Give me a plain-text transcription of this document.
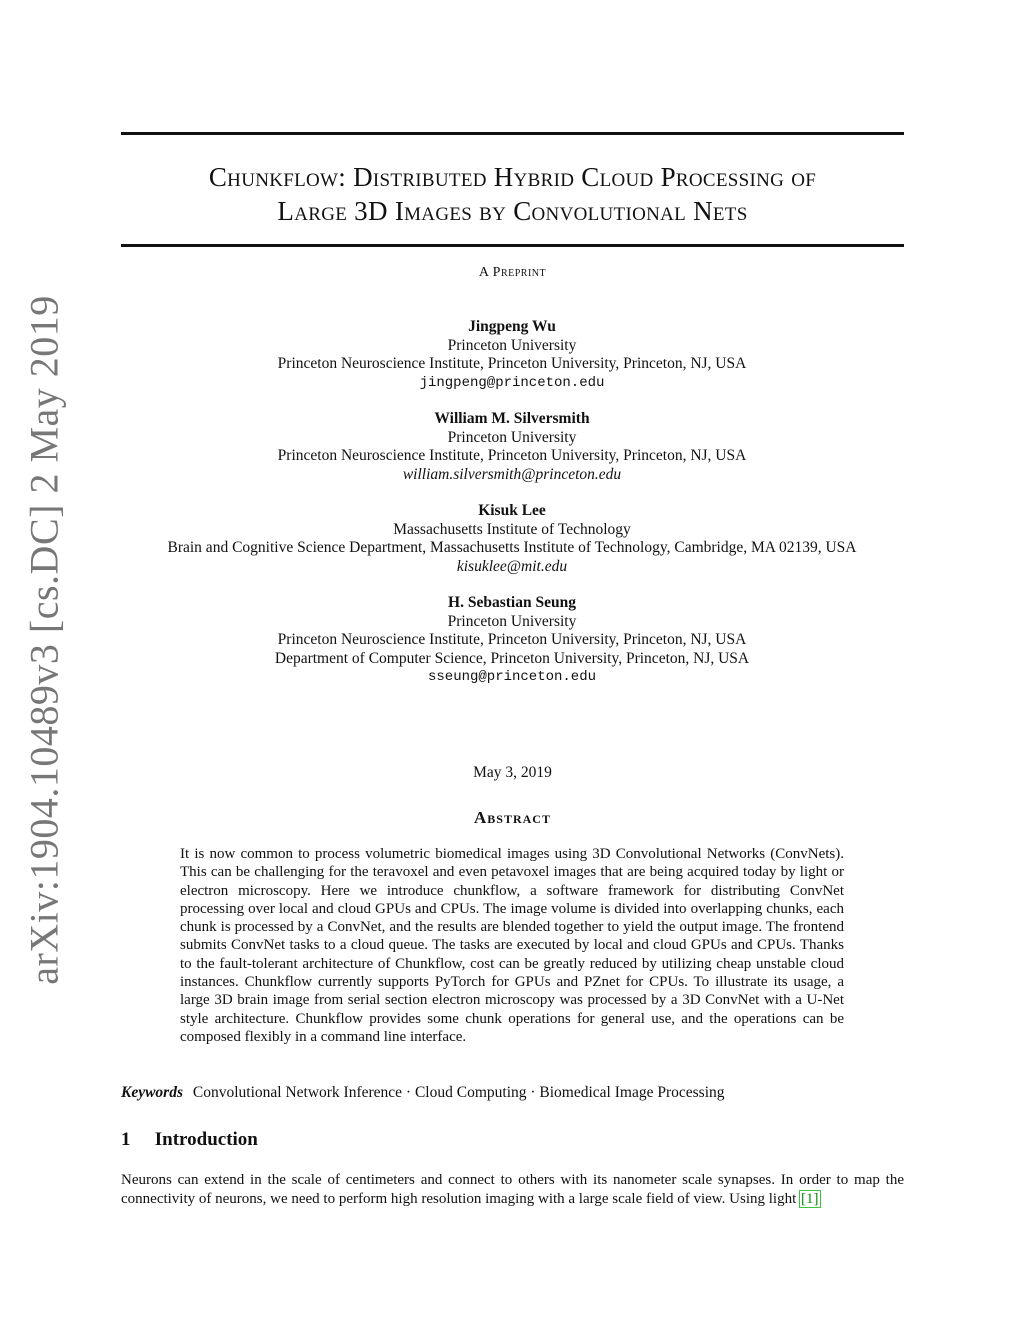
arXiv:1904.10489v3 [cs.DC] 2 May 2019
Chunkflow: Distributed Hybrid Cloud Processing of
Large 3D Images by Convolutional Nets
A Preprint
Jingpeng Wu
Princeton University
Princeton Neuroscience Institute, Princeton University, Princeton, NJ, USA
jingpeng@princeton.edu
William M. Silversmith
Princeton University
Princeton Neuroscience Institute, Princeton University, Princeton, NJ, USA
william.silversmith@princeton.edu
Kisuk Lee
Massachusetts Institute of Technology
Brain and Cognitive Science Department, Massachusetts Institute of Technology, Cambridge, MA 02139, USA
kisuklee@mit.edu
H. Sebastian Seung
Princeton University
Princeton Neuroscience Institute, Princeton University, Princeton, NJ, USA
Department of Computer Science, Princeton University, Princeton, NJ, USA
sseung@princeton.edu
May 3, 2019
Abstract
It is now common to process volumetric biomedical images using 3D Convolutional Networks (ConvNets). This can be challenging for the teravoxel and even petavoxel images that are being acquired today by light or electron microscopy. Here we introduce chunkflow, a software framework for distributing ConvNet processing over local and cloud GPUs and CPUs. The image volume is divided into overlapping chunks, each chunk is processed by a ConvNet, and the results are blended together to yield the output image. The frontend submits ConvNet tasks to a cloud queue. The tasks are executed by local and cloud GPUs and CPUs. Thanks to the fault-tolerant architecture of Chunkflow, cost can be greatly reduced by utilizing cheap unstable cloud instances. Chunkflow currently supports PyTorch for GPUs and PZnet for CPUs. To illustrate its usage, a large 3D brain image from serial section electron microscopy was processed by a 3D ConvNet with a U-Net style architecture. Chunkflow provides some chunk operations for general use, and the operations can be composed flexibly in a command line interface.
Keywords Convolutional Network Inference · Cloud Computing · Biomedical Image Processing
1 Introduction
Neurons can extend in the scale of centimeters and connect to others with its nanometer scale synapses. In order to map the connectivity of neurons, we need to perform high resolution imaging with a large scale field of view. Using light [1]
